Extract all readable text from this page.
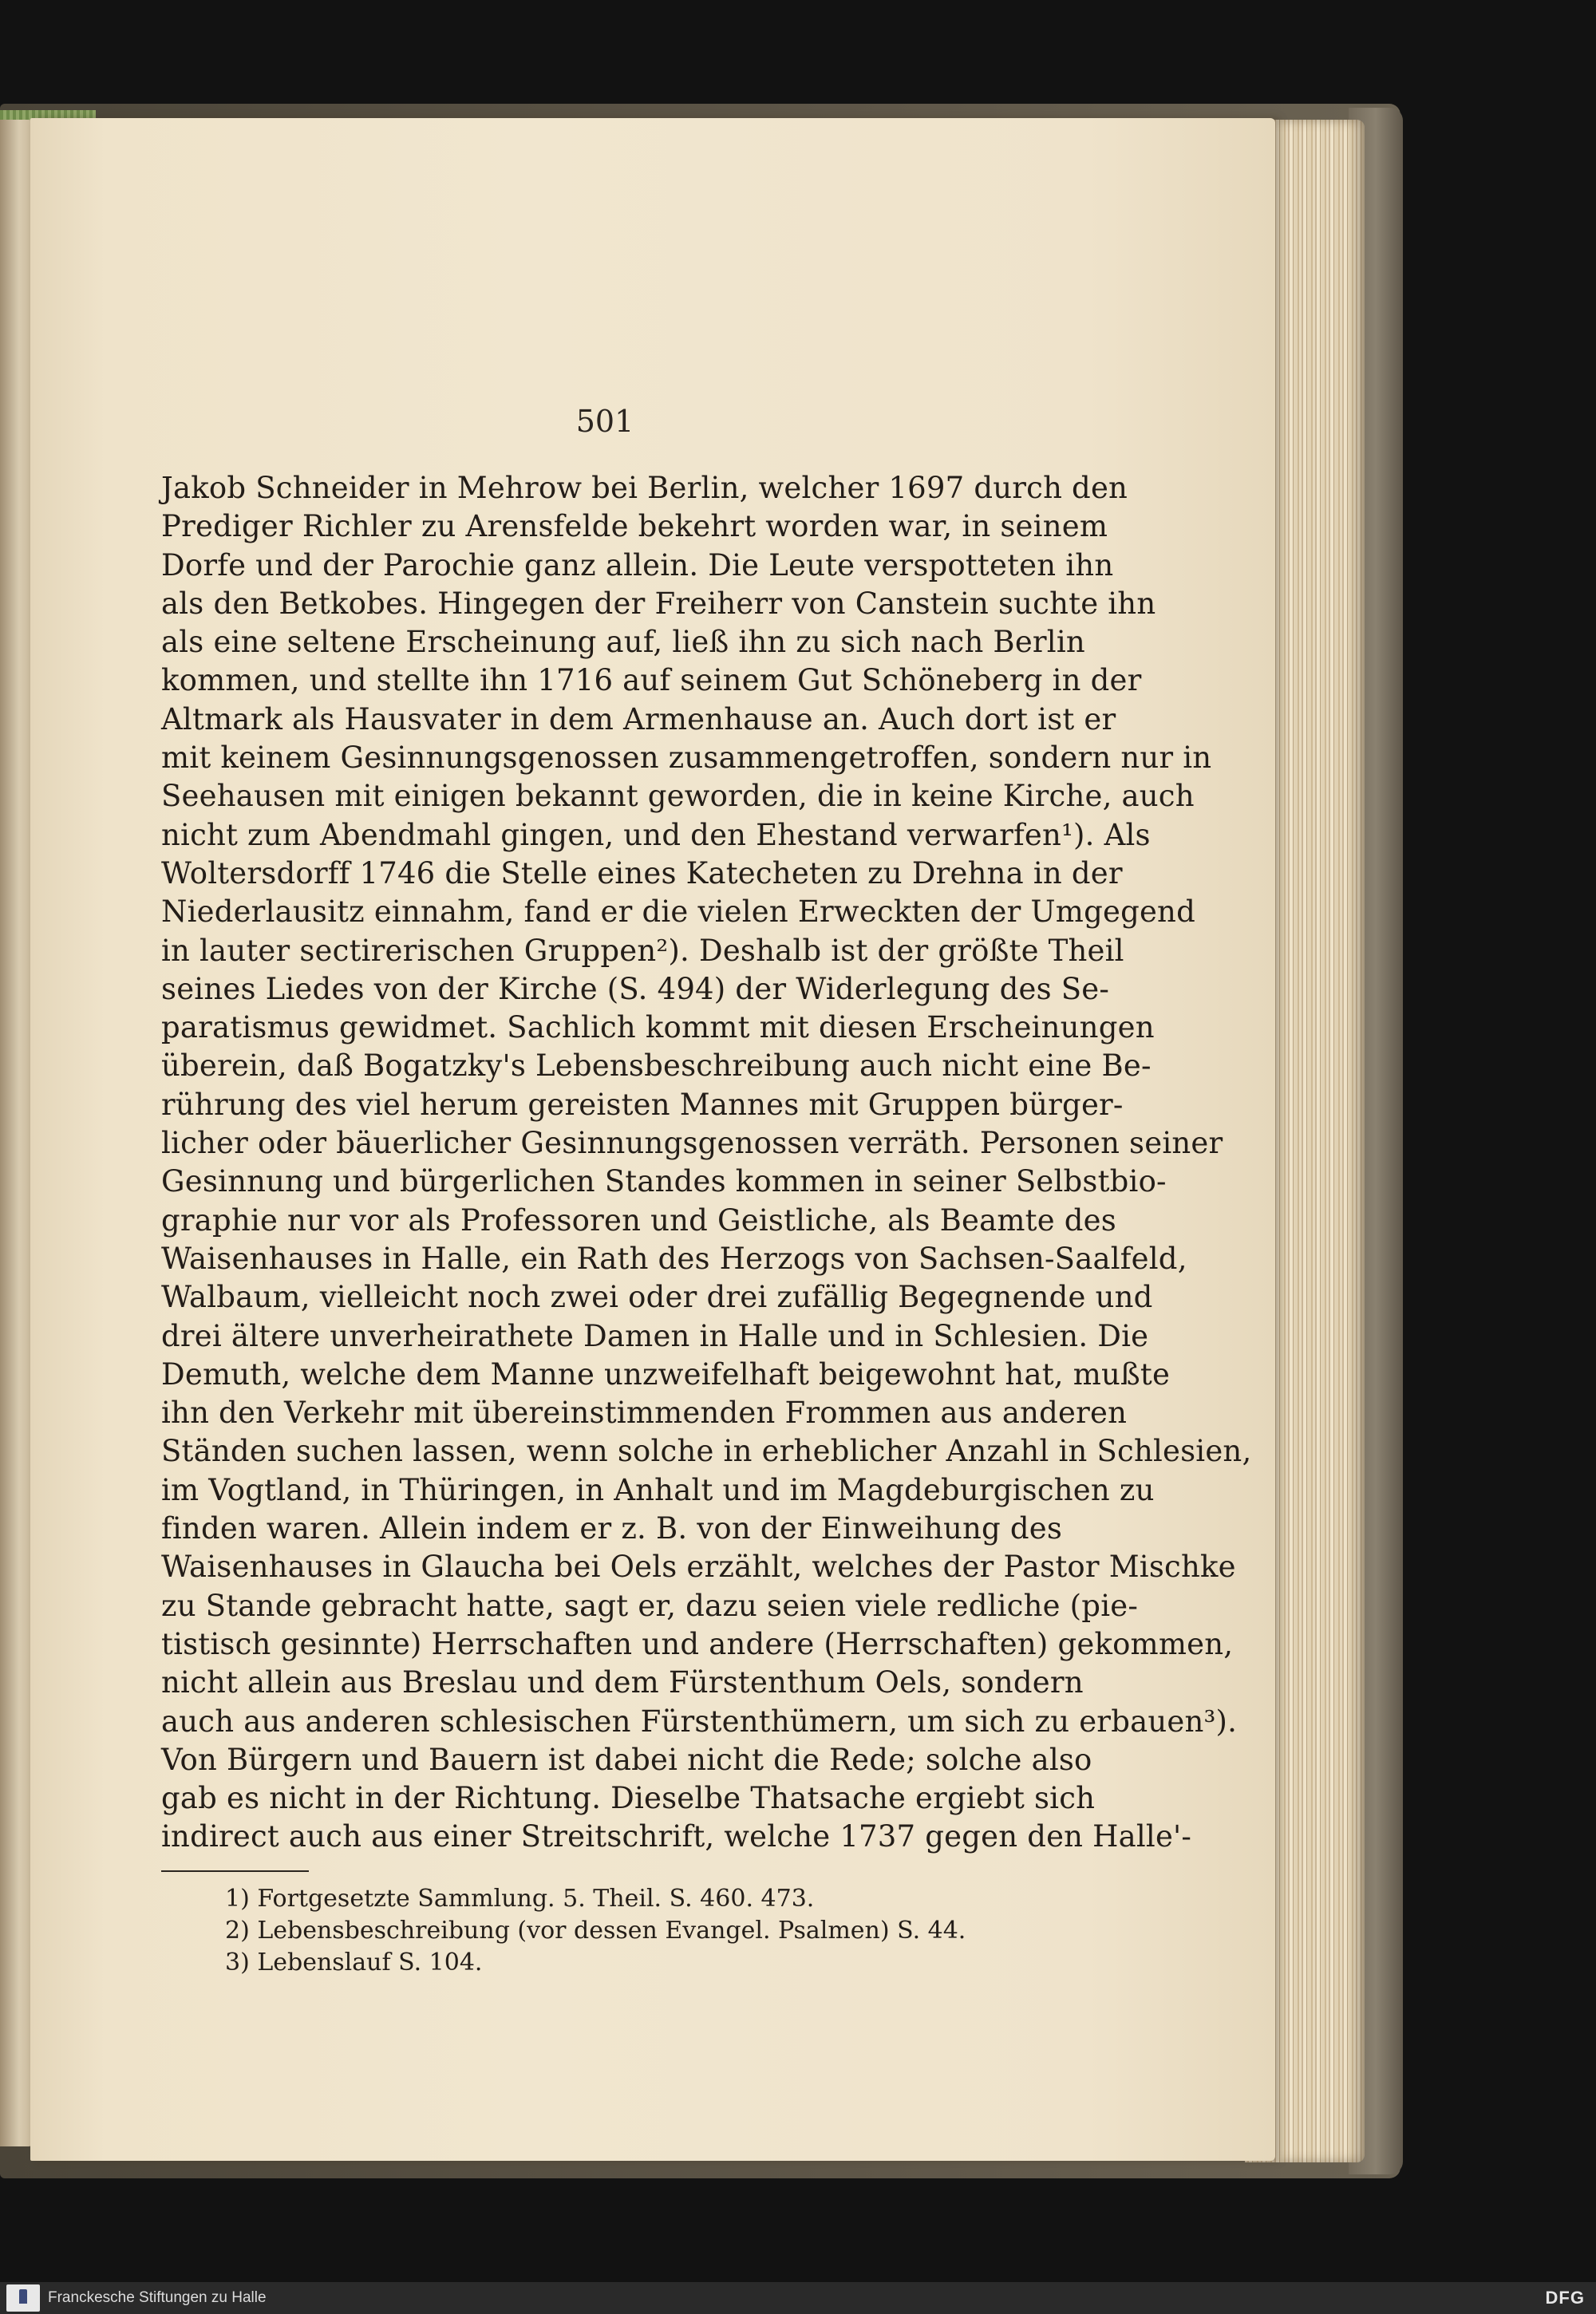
501
Jakob Schneider in Mehrow bei Berlin, welcher 1697 durch den
Prediger Richler zu Arensfelde bekehrt worden war, in seinem
Dorfe und der Parochie ganz allein. Die Leute verspotteten ihn
als den Betkobes. Hingegen der Freiherr von Canstein suchte ihn
als eine seltene Erscheinung auf, ließ ihn zu sich nach Berlin
kommen, und stellte ihn 1716 auf seinem Gut Schöneberg in der
Altmark als Hausvater in dem Armenhause an. Auch dort ist er
mit keinem Gesinnungsgenossen zusammengetroffen, sondern nur in
Seehausen mit einigen bekannt geworden, die in keine Kirche, auch
nicht zum Abendmahl gingen, und den Ehestand verwarfen¹). Als
Woltersdorff 1746 die Stelle eines Katecheten zu Drehna in der
Niederlausitz einnahm, fand er die vielen Erweckten der Umgegend
in lauter sectirerischen Gruppen²). Deshalb ist der größte Theil
seines Liedes von der Kirche (S. 494) der Widerlegung des Se-
paratismus gewidmet. Sachlich kommt mit diesen Erscheinungen
überein, daß Bogatzky's Lebensbeschreibung auch nicht eine Be-
rührung des viel herum gereisten Mannes mit Gruppen bürger-
licher oder bäuerlicher Gesinnungsgenossen verräth. Personen seiner
Gesinnung und bürgerlichen Standes kommen in seiner Selbstbio-
graphie nur vor als Professoren und Geistliche, als Beamte des
Waisenhauses in Halle, ein Rath des Herzogs von Sachsen-Saalfeld,
Walbaum, vielleicht noch zwei oder drei zufällig Begegnende und
drei ältere unverheirathete Damen in Halle und in Schlesien. Die
Demuth, welche dem Manne unzweifelhaft beigewohnt hat, mußte
ihn den Verkehr mit übereinstimmenden Frommen aus anderen
Ständen suchen lassen, wenn solche in erheblicher Anzahl in Schlesien,
im Vogtland, in Thüringen, in Anhalt und im Magdeburgischen zu
finden waren. Allein indem er z. B. von der Einweihung des
Waisenhauses in Glaucha bei Oels erzählt, welches der Pastor Mischke
zu Stande gebracht hatte, sagt er, dazu seien viele redliche (pie-
tistisch gesinnte) Herrschaften und andere (Herrschaften) gekommen,
nicht allein aus Breslau und dem Fürstenthum Oels, sondern
auch aus anderen schlesischen Fürstenthümern, um sich zu erbauen³).
Von Bürgern und Bauern ist dabei nicht die Rede; solche also
gab es nicht in der Richtung. Dieselbe Thatsache ergiebt sich
indirect auch aus einer Streitschrift, welche 1737 gegen den Halle'-
1) Fortgesetzte Sammlung. 5. Theil. S. 460. 473.
2) Lebensbeschreibung (vor dessen Evangel. Psalmen) S. 44.
3) Lebenslauf S. 104.
Franckesche Stiftungen zu Halle	DFG
